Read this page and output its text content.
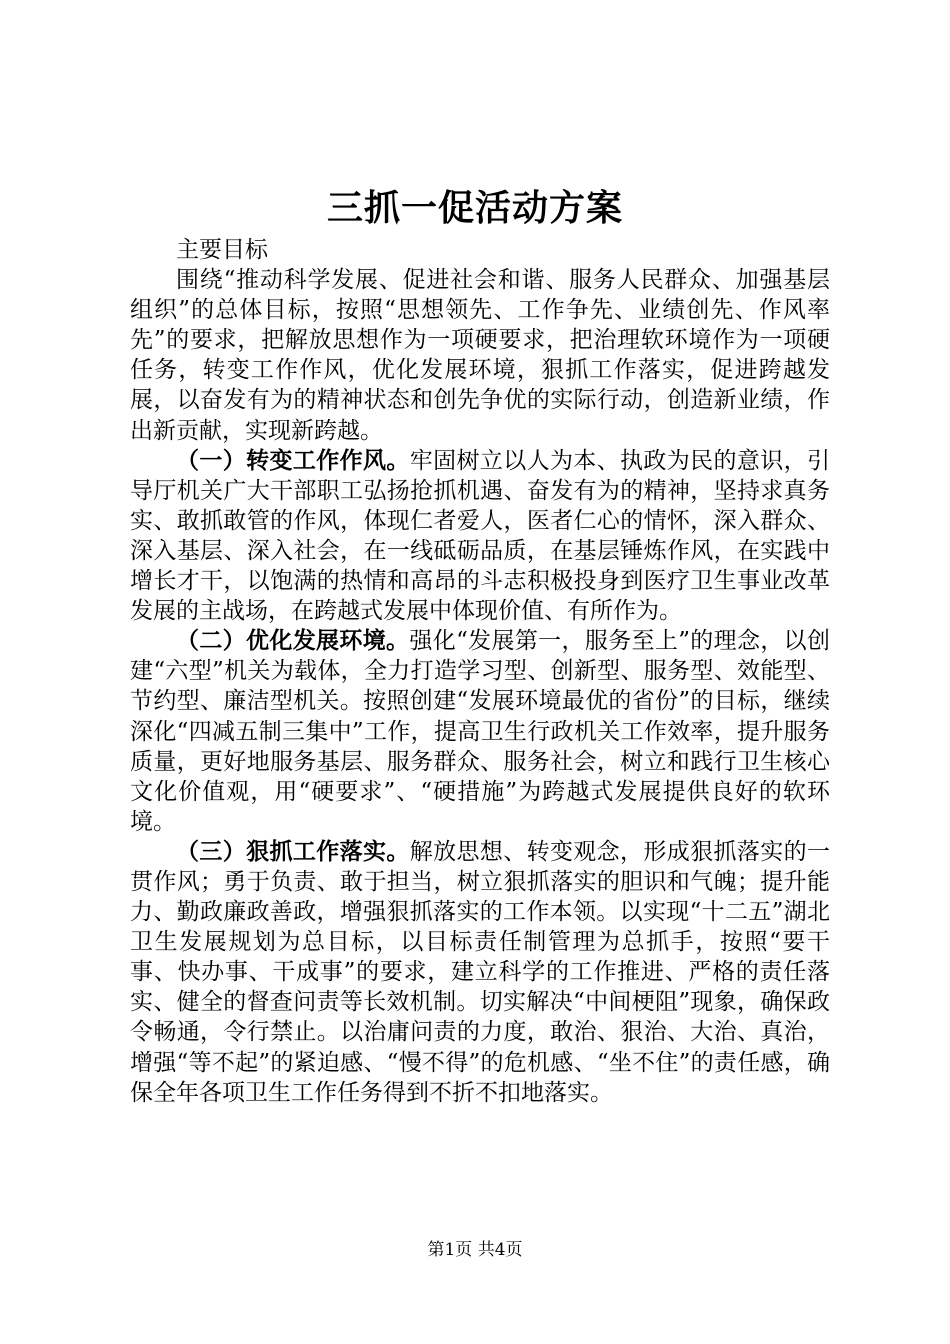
三抓一促活动方案

主要目标

围绕“推动科学发展、促进社会和谐、服务人民群众、加强基层组织”的总体目标，按照“思想领先、工作争先、业绩创先、作风率先”的要求，把解放思想作为一项硬要求，把治理软环境作为一项硬任务，转变工作作风，优化发展环境，狠抓工作落实，促进跨越发展，以奋发有为的精神状态和创先争优的实际行动，创造新业绩，作出新贡献，实现新跨越。

（一）转变工作作风。牢固树立以人为本、执政为民的意识，引导厅机关广大干部职工弘扬抢抓机遇、奋发有为的精神，坚持求真务实、敢抓敢管的作风，体现仁者爱人，医者仁心的情怀，深入群众、深入基层、深入社会，在一线砥砺品质，在基层锤炼作风，在实践中增长才干，以饱满的热情和高昂的斗志积极投身到医疗卫生事业改革发展的主战场，在跨越式发展中体现价值、有所作为。

（二）优化发展环境。强化“发展第一，服务至上”的理念，以创建“六型”机关为载体，全力打造学习型、创新型、服务型、效能型、节约型、廉洁型机关。按照创建“发展环境最优的省份”的目标，继续深化“四减五制三集中”工作，提高卫生行政机关工作效率，提升服务质量，更好地服务基层、服务群众、服务社会，树立和践行卫生核心文化价值观，用“硬要求”、“硬措施”为跨越式发展提供良好的软环境。

（三）狠抓工作落实。解放思想、转变观念，形成狠抓落实的一贯作风；勇于负责、敢于担当，树立狠抓落实的胆识和气魄；提升能力、勤政廉政善政，增强狠抓落实的工作本领。以实现“十二五”湖北卫生发展规划为总目标，以目标责任制管理为总抓手，按照“要干事、快办事、干成事”的要求，建立科学的工作推进、严格的责任落实、健全的督查问责等长效机制。切实解决“中间梗阻”现象，确保政令畅通，令行禁止。以治庸问责的力度，敢治、狠治、大治、真治，增强“等不起”的紧迫感、“慢不得”的危机感、“坐不住”的责任感，确保全年各项卫生工作任务得到不折不扣地落实。

第1页 共4页
